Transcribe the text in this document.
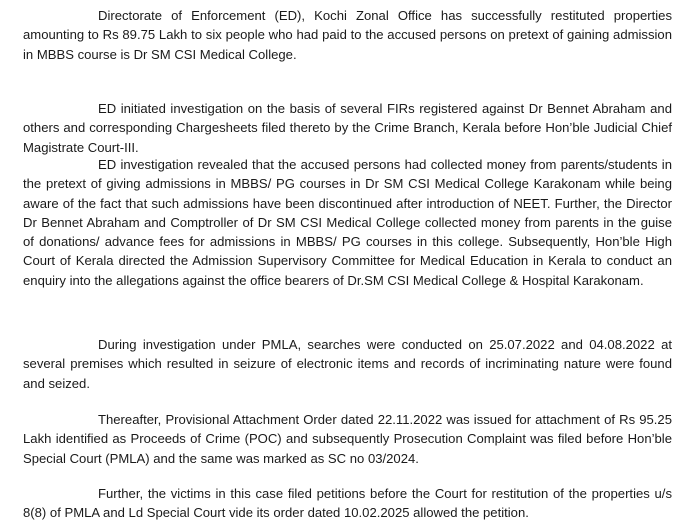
Directorate of Enforcement (ED), Kochi Zonal Office has successfully restituted properties amounting to Rs 89.75 Lakh to six people who had paid to the accused persons on pretext of gaining admission in MBBS course is Dr SM CSI Medical College.

ED initiated investigation on the basis of several FIRs registered against Dr Bennet Abraham and others and corresponding Chargesheets filed thereto by the Crime Branch, Kerala before Hon’ble Judicial Chief Magistrate Court-III.

ED investigation revealed that the accused persons had collected money from parents/students in the pretext of giving admissions in MBBS/ PG courses in Dr SM CSI Medical College Karakonam while being aware of the fact that such admissions have been discontinued after introduction of NEET. Further, the Director Dr Bennet Abraham and Comptroller of Dr SM CSI Medical College collected money from parents in the guise of donations/ advance fees for admissions in MBBS/ PG courses in this college. Subsequently, Hon’ble High Court of Kerala directed the Admission Supervisory Committee for Medical Education in Kerala to conduct an enquiry into the allegations against the office bearers of Dr.SM CSI Medical College & Hospital Karakonam.

During investigation under PMLA, searches were conducted on 25.07.2022 and 04.08.2022 at several premises which resulted in seizure of electronic items and records of incriminating nature were found and seized.

Thereafter, Provisional Attachment Order dated 22.11.2022 was issued for attachment of Rs 95.25 Lakh identified as Proceeds of Crime (POC) and subsequently Prosecution Complaint was filed before Hon’ble Special Court (PMLA) and the same was marked as SC no 03/2024.

Further, the victims in this case filed petitions before the Court for restitution of the properties u/s 8(8) of PMLA and Ld Special Court vide its order dated 10.02.2025 allowed the petition.
